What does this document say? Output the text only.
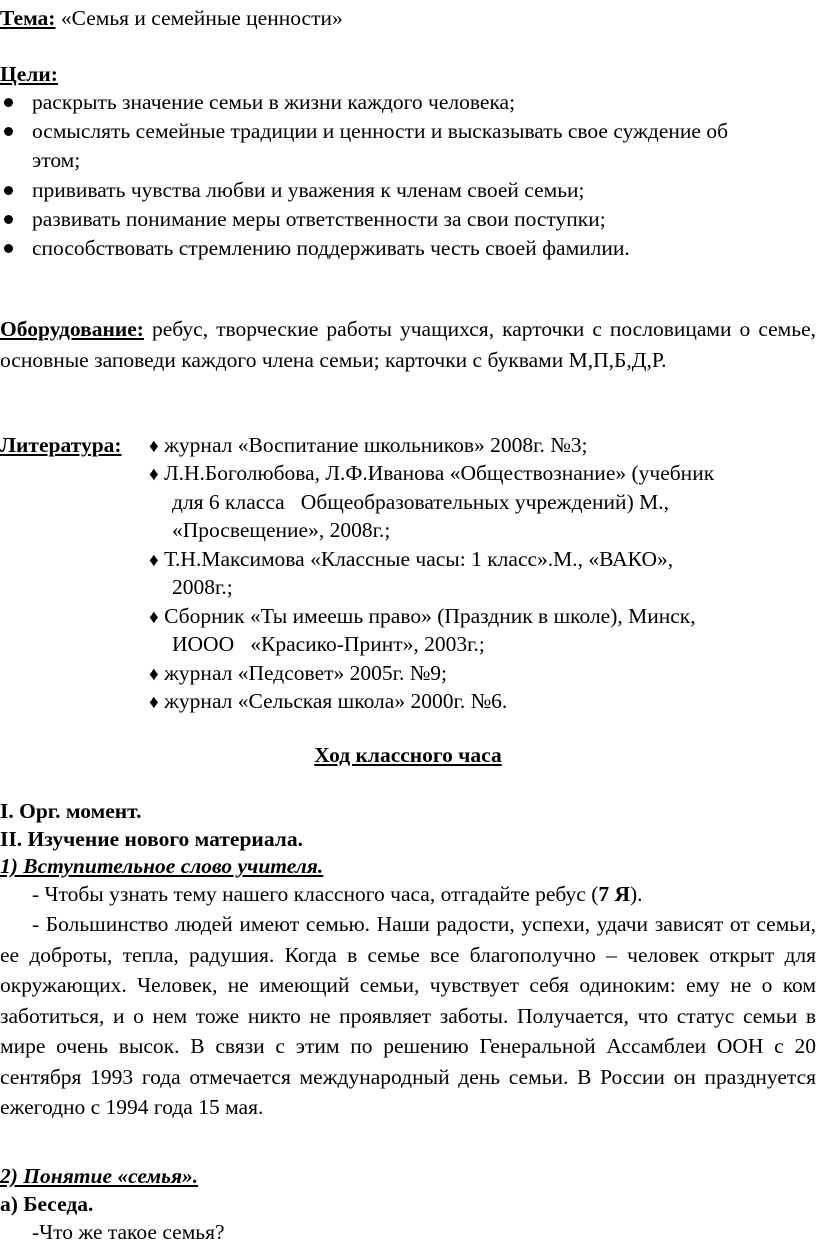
Тема: «Семья и семейные ценности»
Цели:
раскрыть значение семьи в жизни каждого человека;
осмыслять семейные традиции и ценности и высказывать свое суждение об
этом;
прививать чувства любви и уважения к членам своей семьи;
развивать понимание меры ответственности за свои поступки;
способствовать стремлению поддерживать честь своей фамилии.
Оборудование: ребус, творческие работы учащихся, карточки с пословицами о семье, основные заповеди каждого члена семьи; карточки с буквами М,П,Б,Д,Р.
Литература: ♦ журнал «Воспитание школьников» 2008г. №3;
♦ Л.Н.Боголюбова, Л.Ф.Иванова «Обществознание» (учебник
для 6 класса   Общеобразовательных учреждений) М.,
«Просвещение», 2008г.;
♦ Т.Н.Максимова «Классные часы: 1 класс».М., «ВАКО»,
2008г.;
♦ Сборник «Ты имеешь право» (Праздник в школе), Минск,
ИООО   «Красико-Принт», 2003г.;
♦ журнал «Педсовет» 2005г. №9;
♦ журнал «Сельская школа» 2000г. №6.
Ход классного часа
I. Орг. момент.
II. Изучение нового материала.
1) Вступительное слово учителя.
- Чтобы узнать тему нашего классного часа, отгадайте ребус (7 Я).
- Большинство людей имеют семью. Наши радости, успехи, удачи зависят от семьи, ее доброты, тепла, радушия. Когда в семье все благополучно – человек открыт для окружающих. Человек, не имеющий семьи, чувствует себя одиноким: ему не о ком заботиться, и о нем тоже никто не проявляет заботы. Получается, что статус семьи в мире очень высок. В связи с этим по решению Генеральной Ассамблеи ООН с 20 сентября 1993 года отмечается международный день семьи. В России он празднуется ежегодно с 1994 года 15 мая.
2) Понятие «семья».
а) Беседа.
-Что же такое семья?
